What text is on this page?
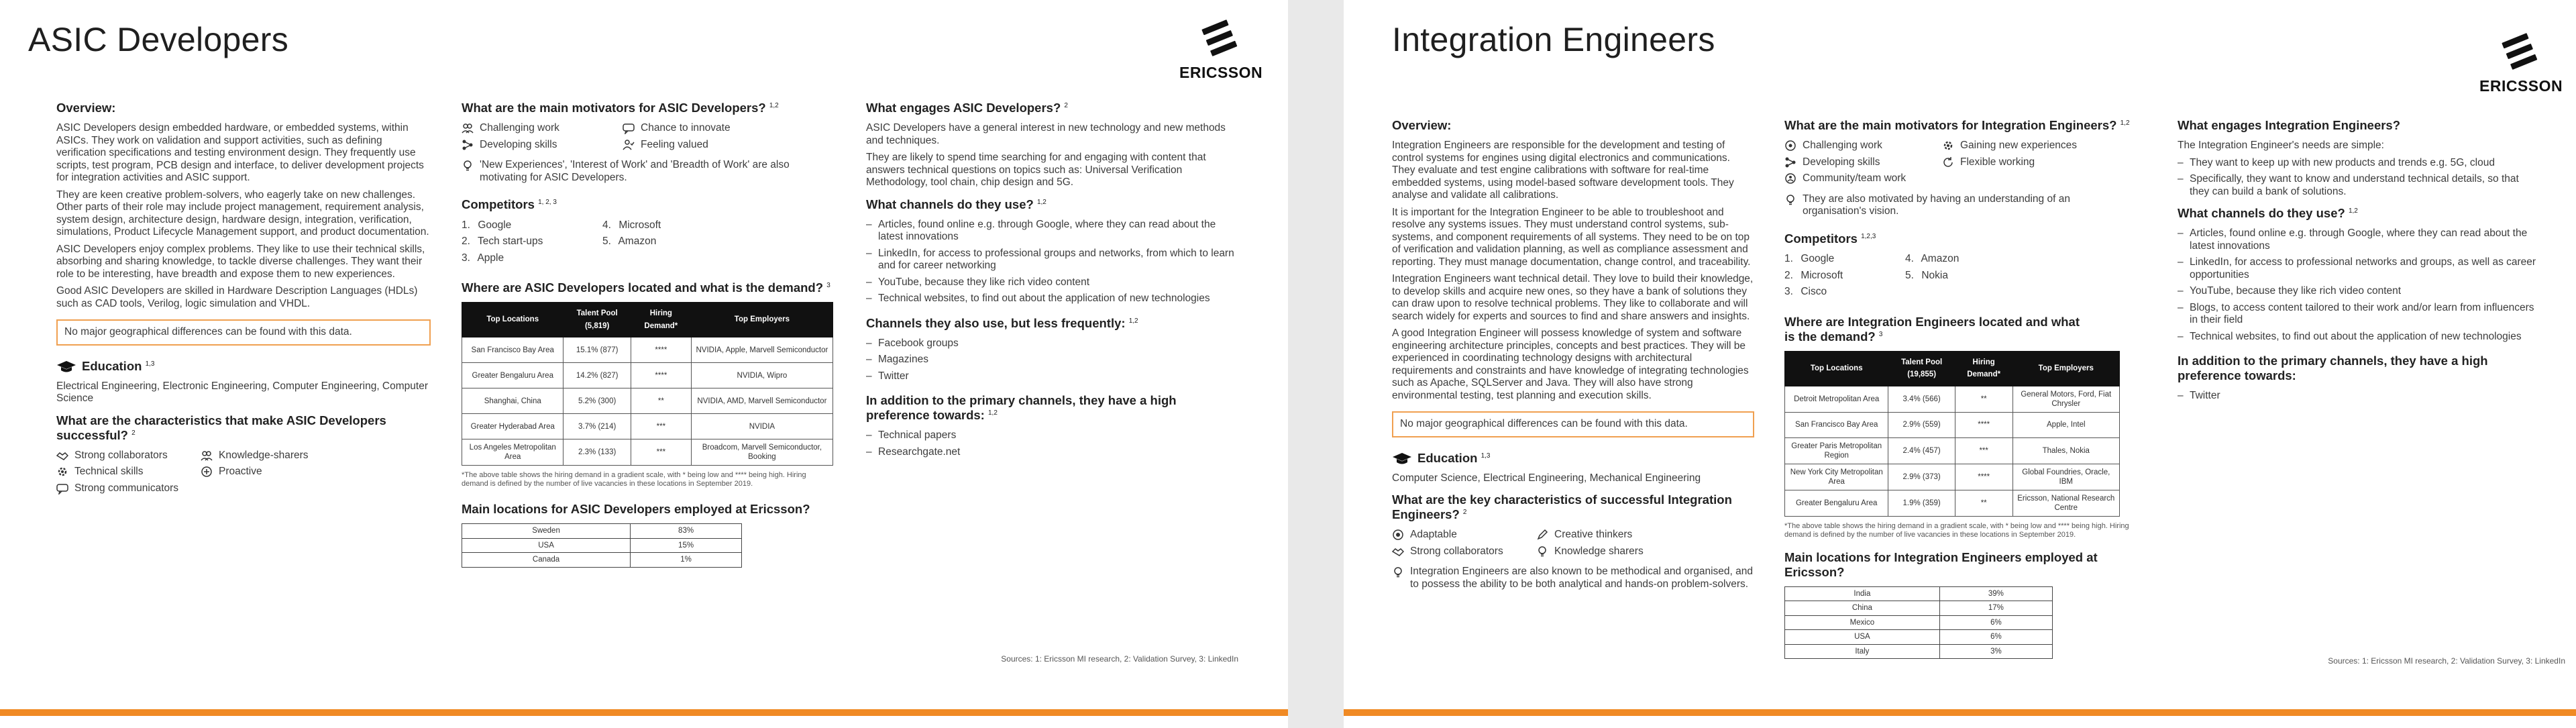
ASIC Developers
ERICSSON
Overview:

ASIC Developers design embedded hardware, or embedded systems, within ASICs. They work on validation and support activities, such as defining verification specifications and testing environment design. They frequently use scripts, test program, PCB design and interface, to deliver development projects for integration activities and ASIC support.

They are keen creative problem-solvers, who eagerly take on new challenges. Other parts of their role may include project management, requirement analysis, system design, architecture design, hardware design, integration, verification, simulations, Product Lifecycle Management support, and product documentation.

ASIC Developers enjoy complex problems. They like to use their technical skills, absorbing and sharing knowledge, to tackle diverse challenges. They want their role to be interesting, have breadth and expose them to new experiences.

Good ASIC Developers are skilled in Hardware Description Languages (HDLs) such as CAD tools, Verilog, logic simulation and VHDL.

No major geographical differences can be found with this data.
Education $^{1,3}$

Electrical Engineering, Electronic Engineering, Computer Engineering, Computer Science

What are the characteristics that make ASIC Developers successful? $^2$
Strong collaborators	Knowledge-sharers
Technical skills	Proactive
Strong communicators
What are the main motivators for ASIC Developers? $^{1,2}$
Challenging work	Chance to innovate
Developing skills	Feeling valued
'New Experiences', 'Interest of Work' and 'Breadth of Work' are also motivating for ASIC Developers.
Competitors $^{1, 2, 3}$
1. Google	4. Microsoft
2. Tech start-ups	5. Amazon
3. Apple
Where are ASIC Developers located and what is the demand? $^3$
Top Locations	Talent Pool (5,819)	Hiring Demand*	Top Employers
San Francisco Bay Area	15.1% (877)	****	NVIDIA, Apple, Marvell Semiconductor
Greater Bengaluru Area	14.2% (827)	****	NVIDIA, Wipro
Shanghai, China	5.2% (300)	**	NVIDIA, AMD, Marvell Semiconductor
Greater Hyderabad Area	3.7% (214)	***	NVIDIA
Los Angeles Metropolitan Area	2.3% (133)	***	Broadcom, Marvell Semiconductor, Booking

*The above table shows the hiring demand in a gradient scale, with * being low and **** being high. Hiring demand is defined by the number of live vacancies in these locations in September 2019.

Main locations for ASIC Developers employed at Ericsson?
Sweden	83%
USA	15%
Canada	1%
What engages ASIC Developers? $^2$

ASIC Developers have a general interest in new technology and new methods and techniques.

They are likely to spend time searching for and engaging with content that answers technical questions on topics such as: Universal Verification Methodology, tool chain, chip design and 5G.

What channels do they use? $^{1,2}$
– Articles, found online e.g. through Google, where they can read about the latest innovations
– LinkedIn, for access to professional groups and networks, from which to learn and for career networking
– YouTube, because they like rich video content
– Technical websites, to find out about the application of new technologies
Channels they also use, but less frequently: $^{1,2}$
– Facebook groups
– Magazines
– Twitter
In addition to the primary channels, they have a high preference towards: $^{1,2}$
– Technical papers
– Researchgate.net
Sources: 1: Ericsson MI research, 2: Validation Survey, 3: LinkedIn
Integration Engineers
ERICSSON
Overview:

Integration Engineers are responsible for the development and testing of control systems for engines using digital electronics and communications. They evaluate and test engine calibrations with software for real-time embedded systems, using model-based software development tools. They analyse and validate all calibrations.

It is important for the Integration Engineer to be able to troubleshoot and resolve any systems issues. They must understand control systems, sub-systems, and component requirements of all systems. They need to be on top of verification and validation planning, as well as compliance assessment and reporting. They must manage documentation, change control, and traceability.

Integration Engineers want technical detail. They love to build their knowledge, to develop skills and acquire new ones, so they have a bank of solutions they can draw upon to resolve technical problems. They like to collaborate and will search widely for experts and sources to find and share answers and insights.

A good Integration Engineer will possess knowledge of system and software engineering architecture principles, concepts and best practices. They will be experienced in coordinating technology designs with architectural requirements and constraints and have knowledge of integrating technologies such as Apache, SQLServer and Java. They will also have strong environmental testing, test planning and execution skills.

No major geographical differences can be found with this data.
Education $^{1,3}$

Computer Science, Electrical Engineering, Mechanical Engineering

What are the key characteristics of successful Integration Engineers? $^2$
Adaptable	Creative thinkers
Strong collaborators	Knowledge sharers
Integration Engineers are also known to be methodical and organised, and to possess the ability to be both analytical and hands-on problem-solvers.
What are the main motivators for Integration Engineers? $^{1,2}$
Challenging work	Gaining new experiences
Developing skills	Flexible working
Community/team work
They are also motivated by having an understanding of an organisation's vision.
Competitors $^{1,2,3}$
1. Google	4. Amazon
2. Microsoft	5. Nokia
3. Cisco
Where are Integration Engineers located and what is the demand? $^3$
Top Locations	Talent Pool (19,855)	Hiring Demand*	Top Employers
Detroit Metropolitan Area	3.4% (566)	**	General Motors, Ford, Fiat Chrysler
San Francisco Bay Area	2.9% (559)	****	Apple, Intel
Greater Paris Metropolitan Region	2.4% (457)	***	Thales, Nokia
New York City Metropolitan Area	2.9% (373)	****	Global Foundries, Oracle, IBM
Greater Bengaluru Area	1.9% (359)	**	Ericsson, National Research Centre

*The above table shows the hiring demand in a gradient scale, with * being low and **** being high. Hiring demand is defined by the number of live vacancies in these locations in September 2019.

Main locations for Integration Engineers employed at Ericsson?
India	39%
China	17%
Mexico	6%
USA	6%
Italy	3%
What engages Integration Engineers?

The Integration Engineer's needs are simple:

– They want to keep up with new products and trends e.g. 5G, cloud
– Specifically, they want to know and understand technical details, so that they can build a bank of solutions.
What channels do they use? $^{1,2}$
– Articles, found online e.g. through Google, where they can read about the latest innovations
– LinkedIn, for access to professional networks and groups, as well as career opportunities
– YouTube, because they like rich video content
– Blogs, to access content tailored to their work and/or learn from influencers in their field
– Technical websites, to find out about the application of new technologies
In addition to the primary channels, they have a high preference towards:
– Twitter
Sources: 1: Ericsson MI research, 2: Validation Survey, 3: LinkedIn
